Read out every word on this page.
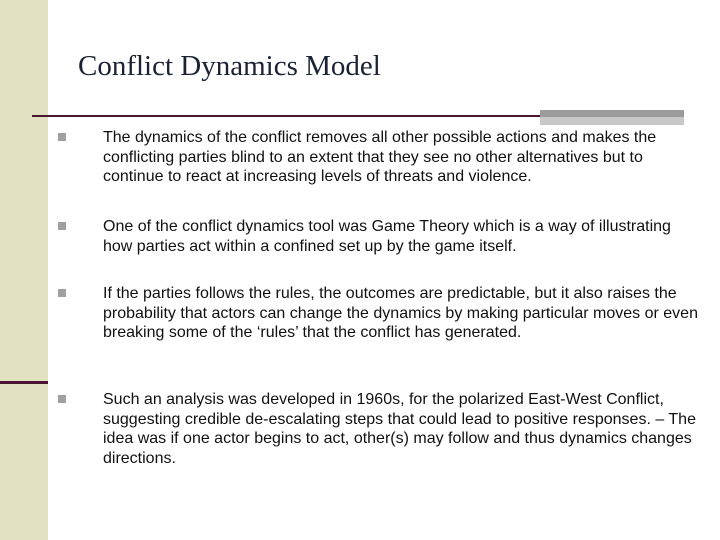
Conflict Dynamics Model
The dynamics of the conflict removes all other possible actions and makes the conflicting parties blind to an extent that they see no other alternatives but to continue to react at increasing levels of threats and violence.
One of the conflict dynamics tool was Game Theory which is a way of illustrating how parties act within a confined set up by the game itself.
If the parties follows the rules, the outcomes are predictable, but it also raises the probability that actors can change the dynamics by making particular moves or even breaking some of the ‘rules’ that the conflict has generated.
Such an analysis was developed in 1960s, for the polarized East-West Conflict, suggesting credible de-escalating steps that could lead to positive responses. – The idea was if one actor begins to act, other(s) may follow and thus dynamics changes directions.
